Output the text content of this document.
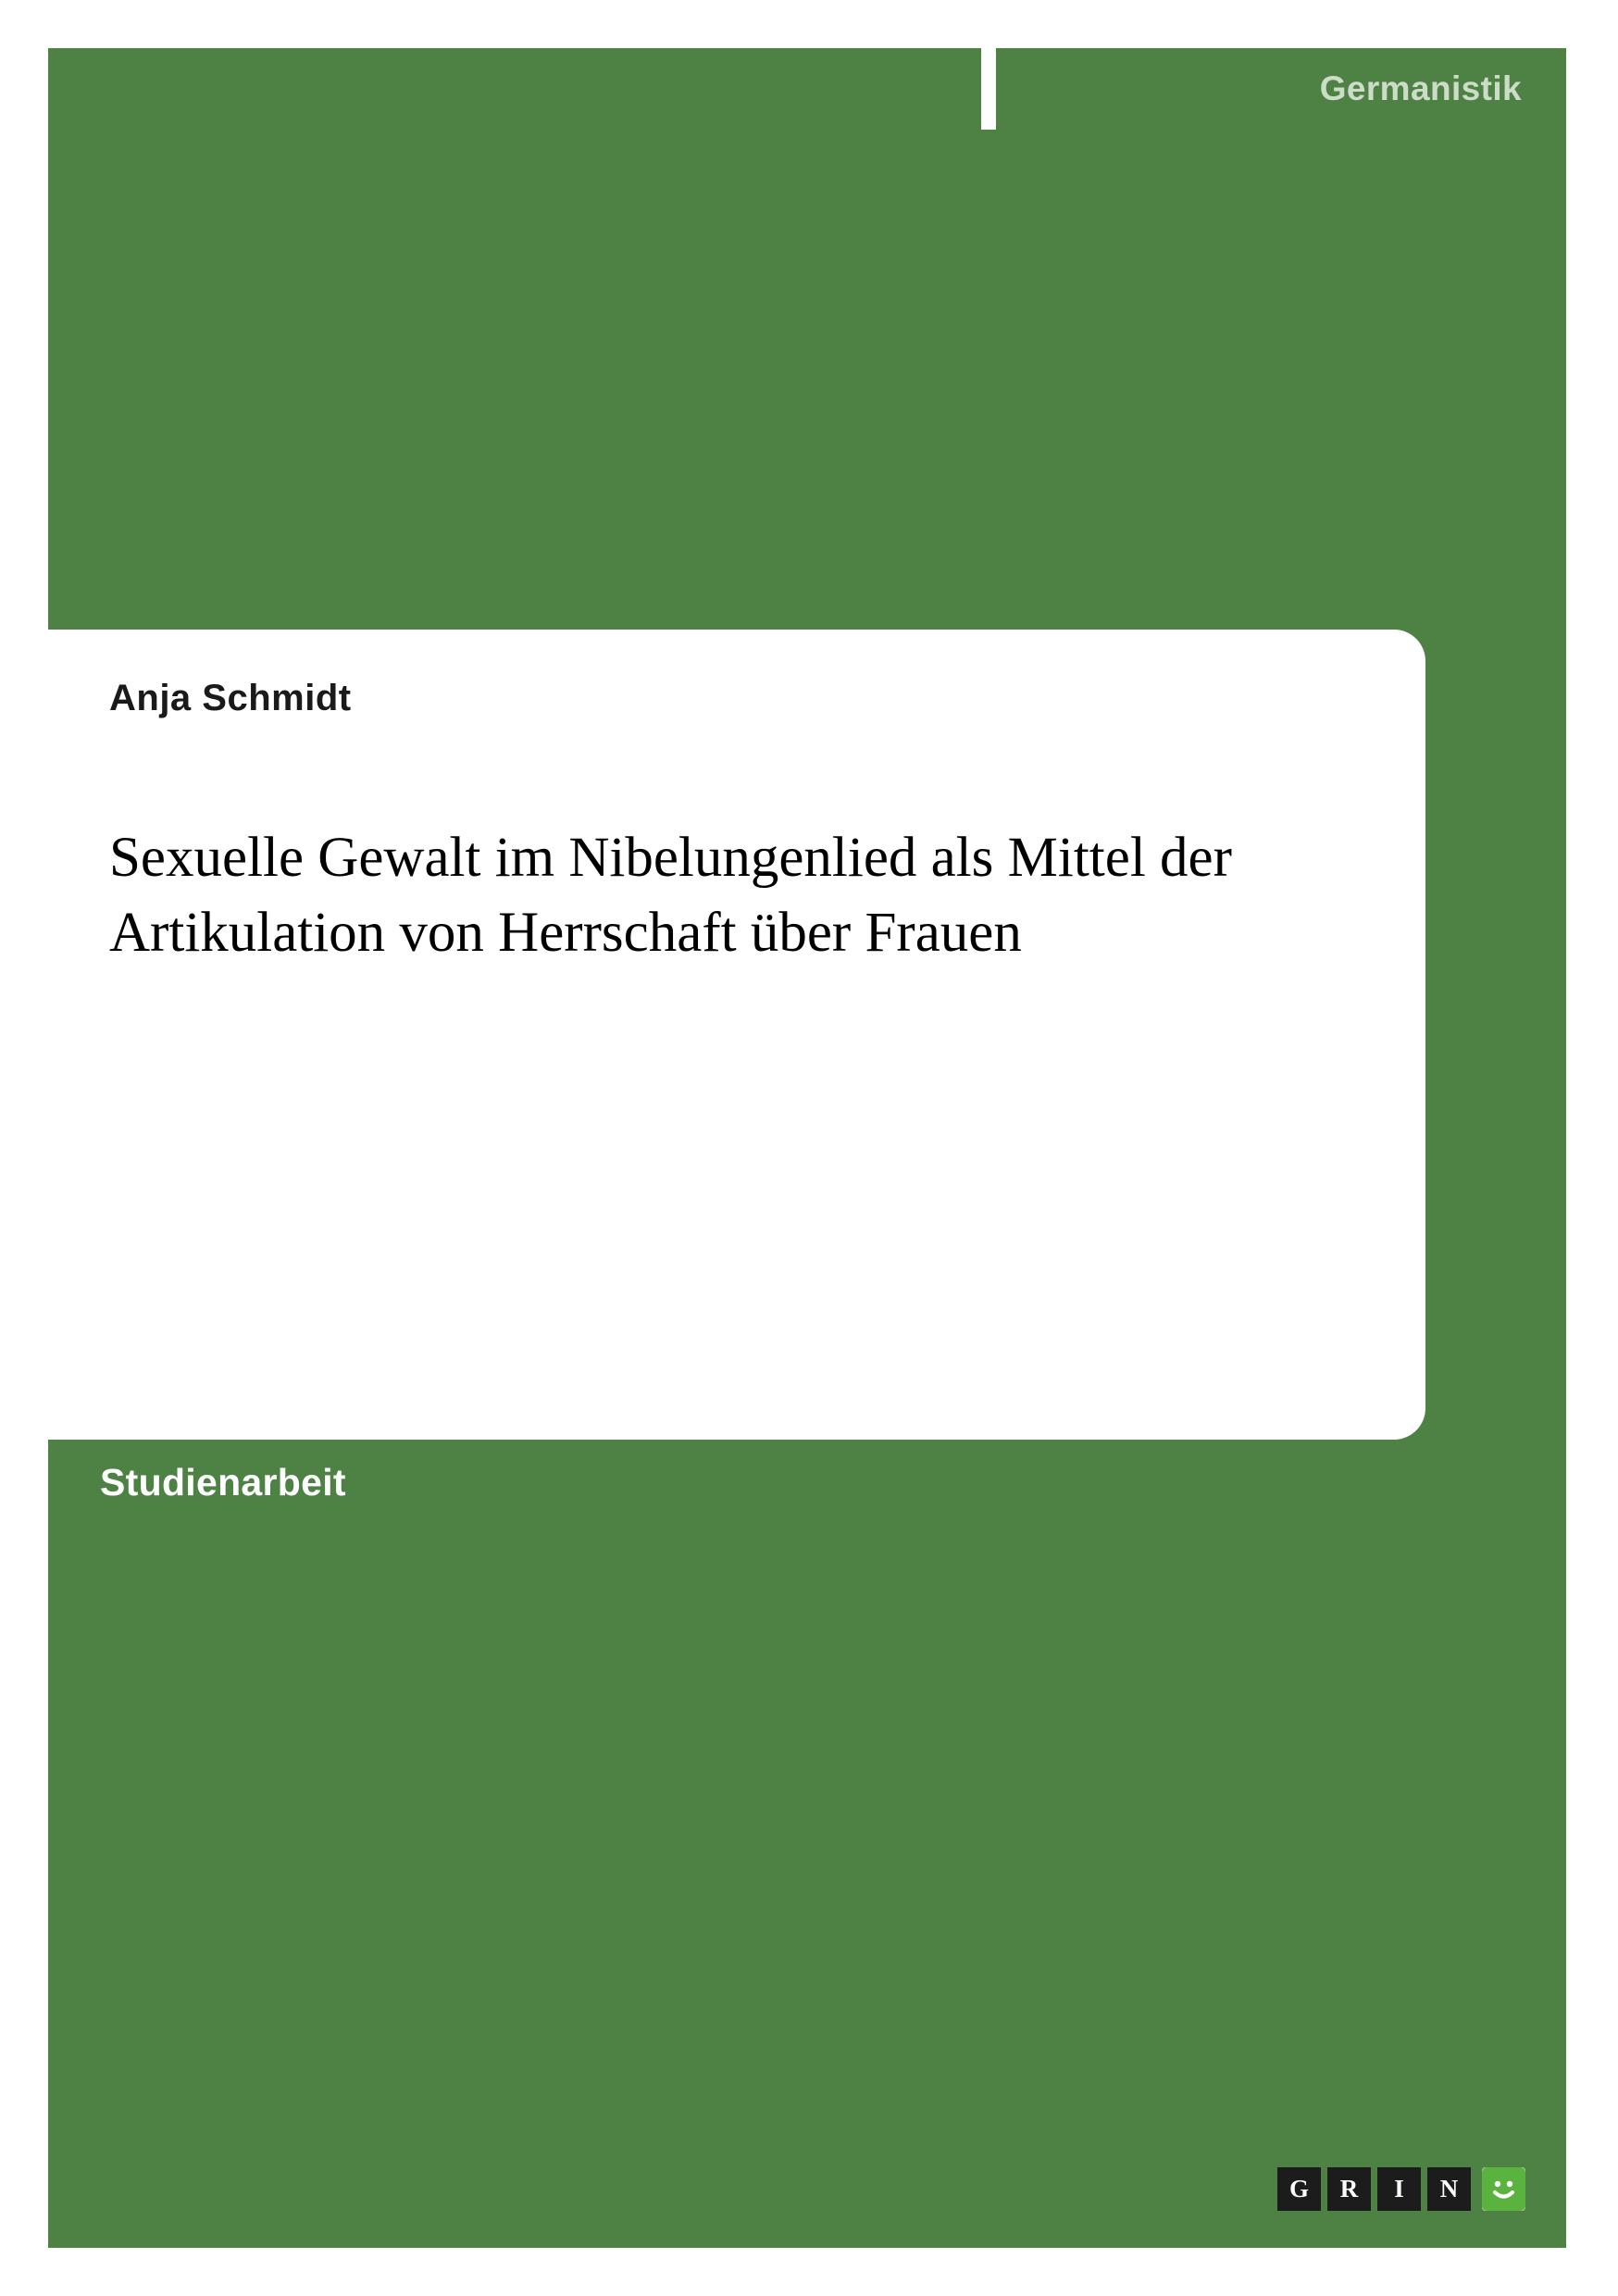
Germanistik
Anja Schmidt
Sexuelle Gewalt im Nibelungenlied als Mittel der Artikulation von Herrschaft über Frauen
Studienarbeit
G	R	I	N
